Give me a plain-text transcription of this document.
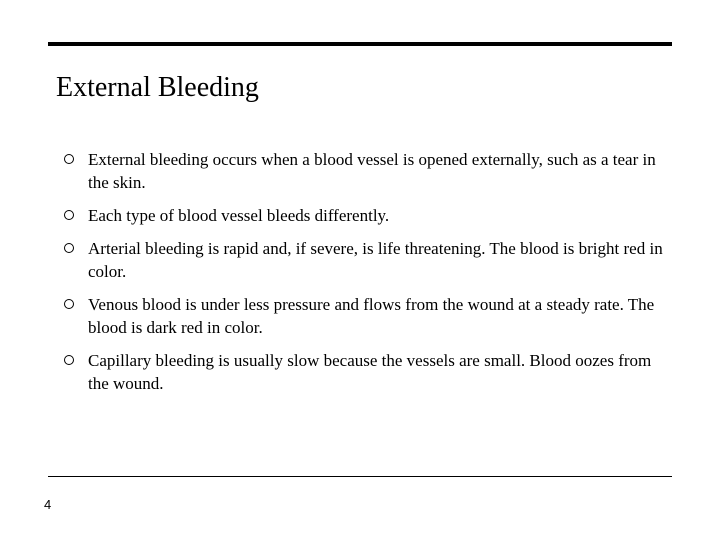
External Bleeding
External bleeding occurs when a blood vessel is opened externally, such as a tear in the skin.
Each type of blood vessel bleeds differently.
Arterial bleeding is rapid and, if severe, is life threatening. The blood is bright red in color.
Venous blood is under less pressure and flows from the wound at a steady rate. The blood is dark red in color.
Capillary bleeding is usually slow because the vessels are small. Blood oozes from the wound.
4
